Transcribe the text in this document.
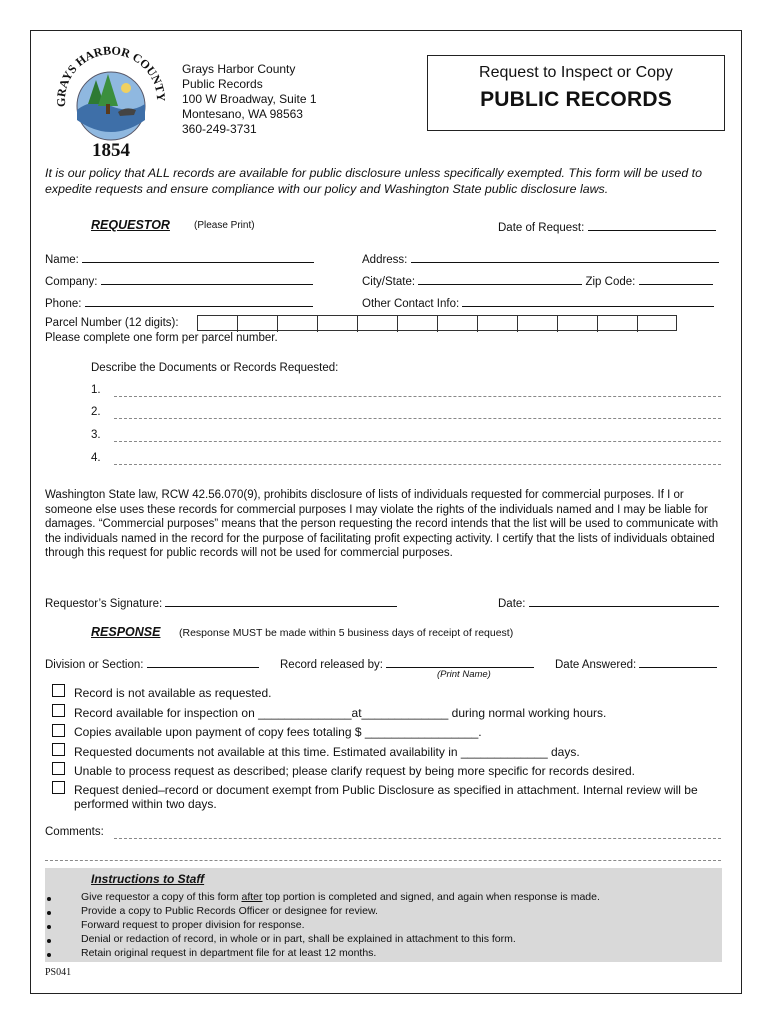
GRAYS HARBOR COUNTY
1854
Grays Harbor County
Public Records
100 W Broadway, Suite 1
Montesano, WA 98563
360-249-3731
Request to Inspect or Copy
PUBLIC RECORDS
It is our policy that ALL records are available for public disclosure unless specifically exempted. This form will be used to expedite requests and ensure compliance with our policy and Washington State public disclosure laws.
REQUESTOR (Please Print)	Date of Request:
Name:
Company:
Phone:
Address:
City/State:	Zip Code:
Other Contact Info:
Parcel Number (12 digits):
Please complete one form per parcel number.
Describe the Documents or Records Requested:
1.
2.
3.
4.
Washington State law, RCW 42.56.070(9), prohibits disclosure of lists of individuals requested for commercial purposes. If I or someone else uses these records for commercial purposes I may violate the rights of the individuals named and I may be liable for damages. “Commercial purposes” means that the person requesting the record intends that the list will be used to communicate with the individuals named in the record for the purpose of facilitating profit expecting activity. I certify that the lists of individuals obtained through this request for public records will not be used for commercial purposes.
Requestor’s Signature:	Date:
RESPONSE (Response MUST be made within 5 business days of receipt of request)
Division or Section:	Record released by:
(Print Name)
Date Answered:
Record is not available as requested.
Record available for inspection on ______________at_____________ during normal working hours.
Copies available upon payment of copy fees totaling $ _________________.
Requested documents not available at this time. Estimated availability in _____________ days.
Unable to process request as described; please clarify request by being more specific for records desired.
Request denied–record or document exempt from Public Disclosure as specified in attachment. Internal review will be performed within two days.
Comments:
Instructions to Staff
Give requestor a copy of this form after top portion is completed and signed, and again when response is made.
Provide a copy to Public Records Officer or designee for review.
Forward request to proper division for response.
Denial or redaction of record, in whole or in part, shall be explained in attachment to this form.
Retain original request in department file for at least 12 months.
PS041
